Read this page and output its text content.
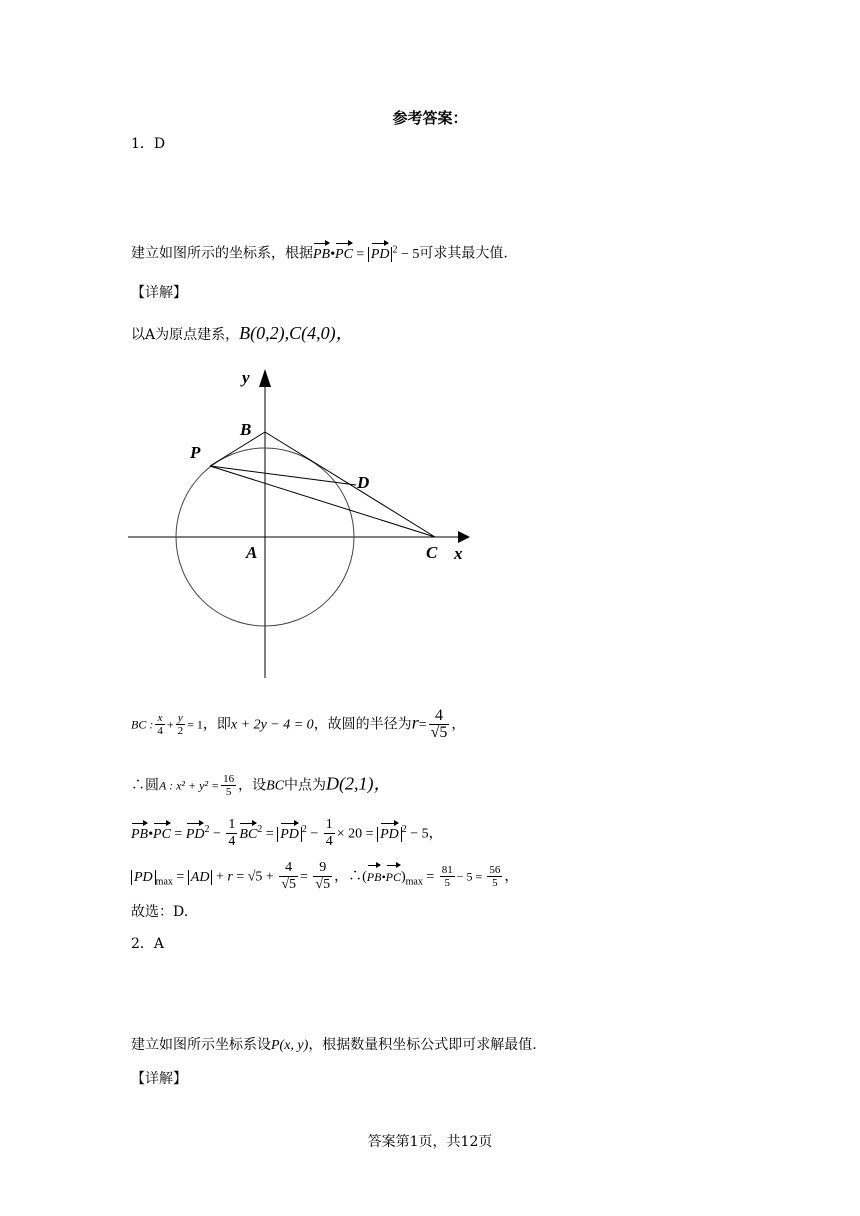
参考答案：
1．D
建立如图所示的坐标系，根据PB•PC = PD $^2$ − 5可求其最大值.
【详解】
以A为原点建系，B(0,2),C(4,0)，
y
B
P
D
A	C x
BC : $\frac{x}{4} + \frac{y}{2} = 1$，即x + 2y − 4 = 0，故圆的半径为$r= \frac{4}{√5}$ ，
∴圆A : $x^2 + y^2 = \frac{16}{5}$ ，设BC中点为D(2,1)，
PB•PC = $PD^2 - \frac{1}{4} BC^2$ = PD $^2 - \frac{1}{4} \times 20$ = PD $^2$ − 5，
PD $_{max}$ = AD + $r = √5 + \frac{4}{√5} = \frac{9}{√5}$ ，$\therefore(PB•PC)_{max} = \frac{81}{5} - 5 = \frac{56}{5}$ ，
故选：D.
2．A
建立如图所示坐标系设P(x, y)，根据数量积坐标公式即可求解最值.
【详解】
答案第1页，共12页
